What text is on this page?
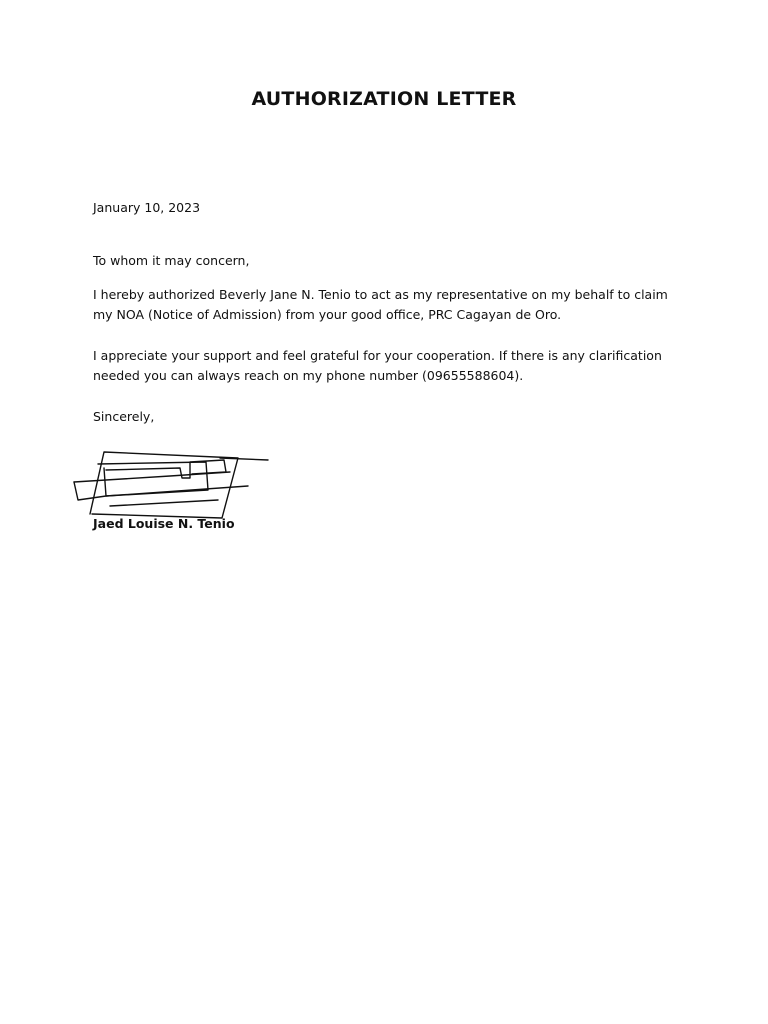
AUTHORIZATION LETTER

January 10, 2023

To whom it may concern,

I hereby authorized Beverly Jane N. Tenio to act as my representative on my behalf to claim
my NOA (Notice of Admission) from your good office, PRC Cagayan de Oro.

I appreciate your support and feel grateful for your cooperation. If there is any clarification
needed you can always reach on my phone number (09655588604).

Sincerely,

Jaed Louise N. Tenio
